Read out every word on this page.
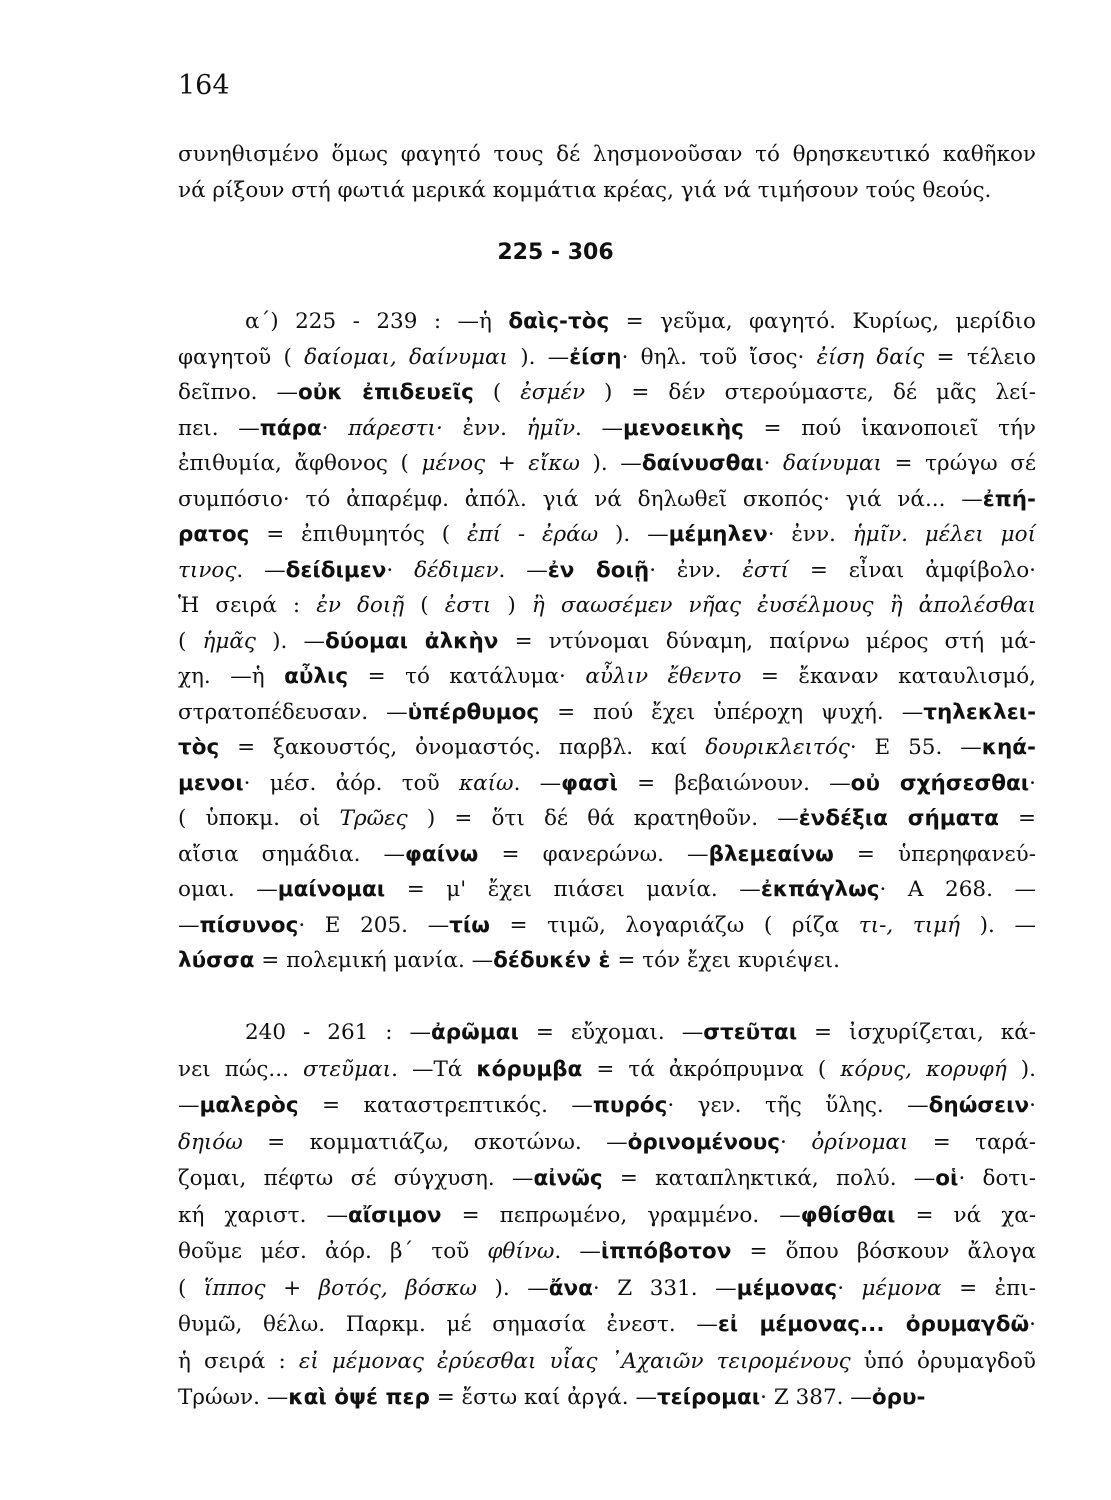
164
συνηθισμένο ὅμως φαγητό τους δέ λησμονοῦσαν τό θρησκευτικό καθῆκον
νά ρίξουν στή φωτιά μερικά κομμάτια κρέας, γιά νά τιμήσουν τούς θεούς.
225 - 306
α΄) 225 - 239 : —ἡ δαὶς-τὸς = γεῦμα, φαγητό. Κυρίως, μερίδιο
φαγητοῦ ( δαίομαι, δαίνυμαι ). —ἐίση· θηλ. τοῦ ἴσος· ἐίση δαίς = τέλειο
δεῖπνο. —οὐκ ἐπιδευεῖς ( ἐσμέν ) = δέν στερούμαστε, δέ μᾶς λεί-
πει. —πάρα· πάρεστι· ἐνν. ἡμῖν. —μενοεικὴς = πού ἱκανοποιεῖ τήν
ἐπιθυμία, ἄφθονος ( μένος + εἴκω ). —δαίνυσθαι· δαίνυμαι = τρώγω σέ
συμπόσιο· τό ἀπαρέμφ. ἀπόλ. γιά νά δηλωθεῖ σκοπός· γιά νά... —ἐπή-
ρατος = ἐπιθυμητός ( ἐπί - ἐράω ). —μέμηλεν· ἐνν. ἡμῖν. μέλει μοί
τινος. —δείδιμεν· δέδιμεν. —ἐν δοιῇ· ἐνν. ἐστί = εἶναι ἀμφίβολο·
Ἡ σειρά : ἐν δοιῇ ( ἐστι ) ἢ σαωσέμεν νῆας ἐυσέλμους ἢ ἀπολέσθαι
( ἡμᾶς ). —δύομαι ἀλκὴν = ντύνομαι δύναμη, παίρνω μέρος στή μά-
χη. —ἡ αὖλις = τό κατάλυμα· αὖλιν ἔθεντο = ἔκαναν καταυλισμό,
στρατοπέδευσαν. —ὑπέρθυμος = πού ἔχει ὑπέροχη ψυχή. —τηλεκλει-
τὸς = ξακουστός, ὀνομαστός. παρβλ. καί δουρικλειτός· Ε 55. —κηά-
μενοι· μέσ. ἀόρ. τοῦ καίω. —φασὶ = βεβαιώνουν. —οὐ σχήσεσθαι·
( ὑποκμ. οἱ Τρῶες ) = ὅτι δέ θά κρατηθοῦν. —ἐνδέξια σήματα =
αἴσια σημάδια. —φαίνω = φανερώνω. —βλεμεαίνω = ὑπερηφανεύ-
ομαι. —μαίνομαι = μ' ἔχει πιάσει μανία. —ἐκπάγλως· Α 268. —
—πίσυνος· Ε 205. —τίω = τιμῶ, λογαριάζω ( ρίζα τι-, τιμή ). —
λύσσα = πολεμική μανία. —δέδυκέν ἑ = τόν ἔχει κυριέψει.
240 - 261 : —ἀρῶμαι = εὔχομαι. —στεῦται = ἰσχυρίζεται, κά-
νει πώς... στεῦμαι. —Τά κόρυμβα = τά ἀκρόπρυμνα ( κόρυς, κορυφή ).
—μαλερὸς = καταστρεπτικός. —πυρός· γεν. τῆς ὕλης. —δηώσειν·
δηιόω = κομματιάζω, σκοτώνω. —ὀρινομένους· ὀρίνομαι = ταρά-
ζομαι, πέφτω σέ σύγχυση. —αἰνῶς = καταπληκτικά, πολύ. —οἱ· δοτι-
κή χαριστ. —αἴσιμον = πεπρωμένο, γραμμένο. —φθίσθαι = νά χα-
θοῦμε μέσ. ἀόρ. β΄ τοῦ φθίνω. —ἱππόβοτον = ὅπου βόσκουν ἄλογα
( ἵππος + βοτός, βόσκω ). —ἄνα· Ζ 331. —μέμονας· μέμονα = ἐπι-
θυμῶ, θέλω. Παρκμ. μέ σημασία ἐνεστ. —εἰ μέμονας... ὀρυμαγδῶ·
ἡ σειρά : εἰ μέμονας ἐρύεσθαι υἷας ᾿Αχαιῶν τειρομένους ὑπό ὀρυμαγδοῦ
Τρώων. —καὶ ὀψέ περ = ἔστω καί ἀργά. —τείρομαι· Ζ 387. —ὀρυ-
